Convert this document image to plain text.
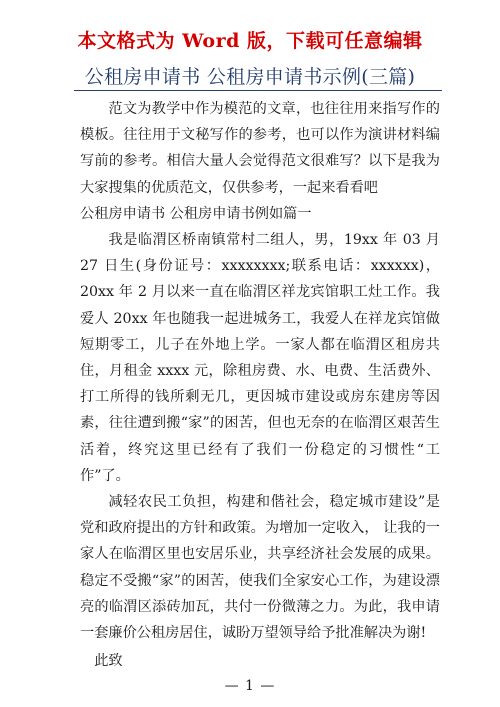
本文格式为 Word 版，下载可任意编辑
公租房申请书 公租房申请书示例(三篇)

范文为教学中作为模范的文章，也往往用来指写作的模板。往往用于文秘写作的参考，也可以作为演讲材料编写前的参考。相信大量人会觉得范文很难写？以下是我为大家搜集的优质范文，仅供参考，一起来看看吧

公租房申请书 公租房申请书例如篇一

我是临渭区桥南镇常村二组人，男，19xx 年 03 月 27 日生(身份证号：xxxxxxxx;联系电话：xxxxxx)，20xx 年 2 月以来一直在临渭区祥龙宾馆职工灶工作。我爱人 20xx 年也随我一起进城务工，我爱人在祥龙宾馆做短期零工，儿子在外地上学。一家人都在临渭区租房共住，月租金 xxxx 元，除租房费、水、电费、生活费外、打工所得的钱所剩无几，更因城市建设或房东建房等因素，往往遭到搬“家”的困苦，但也无奈的在临渭区艰苦生活着，终究这里已经有了我们一份稳定的习惯性“工作”了。

减轻农民工负担，构建和偕社会，稳定城市建设”是党和政府提出的方针和政策。为增加一定收入， 让我的一家人在临渭区里也安居乐业，共享经济社会发展的成果。 稳定不受搬“家”的困苦，使我们全家安心工作，为建设漂亮的临渭区添砖加瓦，共付一份微薄之力。为此，我申请一套廉价公租房居住，诚盼万望领导给予批准解决为谢!

此致

— 1 —
